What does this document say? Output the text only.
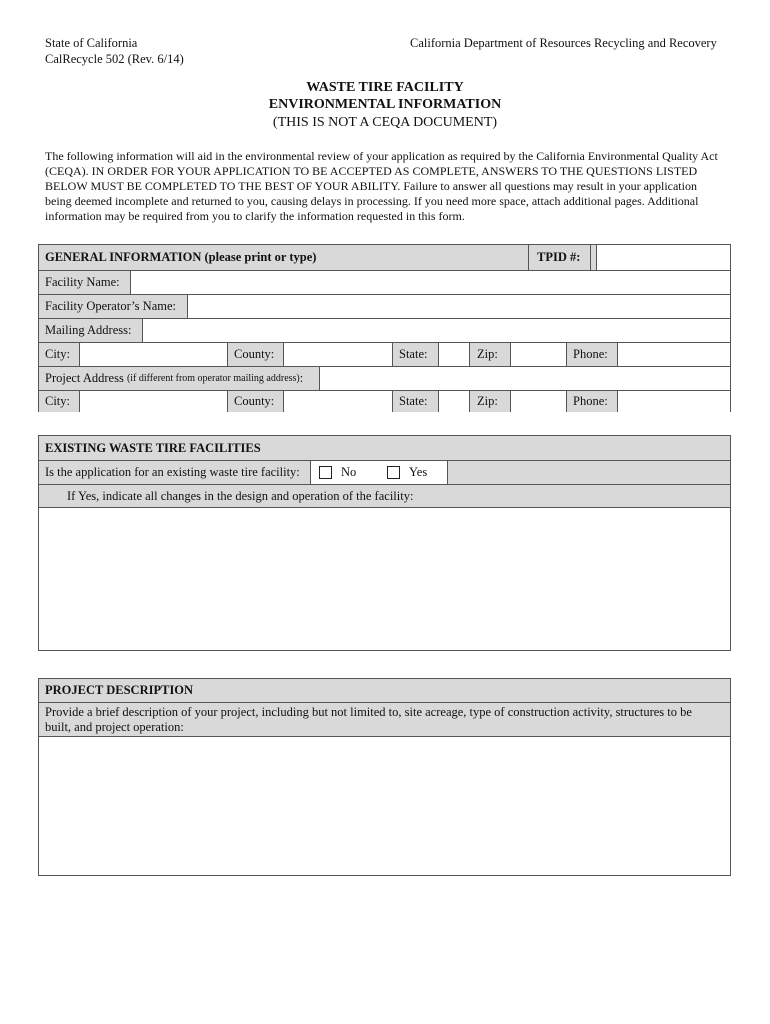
State of California
CalRecycle 502 (Rev. 6/14)
California Department of Resources Recycling and Recovery
WASTE TIRE FACILITY
ENVIRONMENTAL INFORMATION
(THIS IS NOT A CEQA DOCUMENT)
The following information will aid in the environmental review of your application as required by the California Environmental Quality Act (CEQA). IN ORDER FOR YOUR APPLICATION TO BE ACCEPTED AS COMPLETE, ANSWERS TO THE QUESTIONS LISTED BELOW MUST BE COMPLETED TO THE BEST OF YOUR ABILITY. Failure to answer all questions may result in your application being deemed incomplete and returned to you, causing delays in processing. If you need more space, attach additional pages. Additional information may be required from you to clarify the information requested in this form.
GENERAL INFORMATION (please print or type)	TPID #:
Facility Name:
Facility Operator’s Name:
Mailing Address:
City:	County:	State:	Zip:	Phone:
Project Address
(if different from operator mailing address) :
City:	County:	State:	Zip:	Phone:
EXISTING WASTE TIRE FACILITIES
Is the application for an existing waste tire facility:	No	Yes
If Yes, indicate all changes in the design and operation of the facility:
PROJECT DESCRIPTION
Provide a brief description of your project, including but not limited to, site acreage, type of construction activity, structures to be built, and project operation:
